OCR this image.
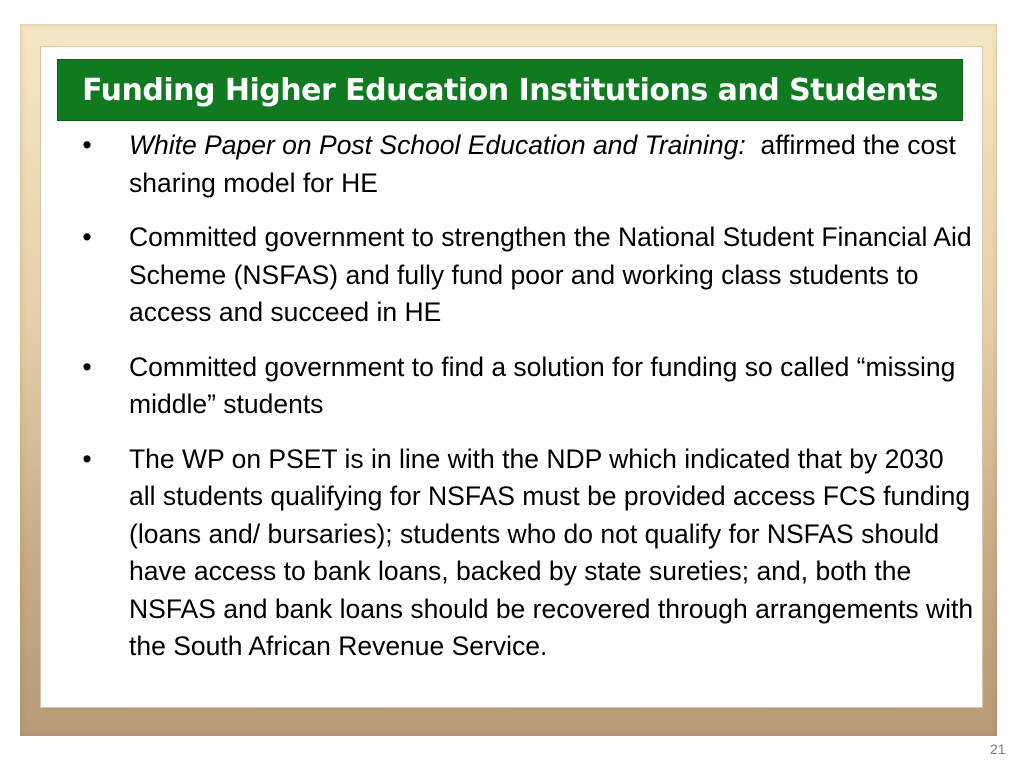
Funding Higher Education Institutions and Students
•	White Paper on Post School Education and Training:  affirmed the cost sharing model for HE
•	Committed government to strengthen the National Student Financial Aid Scheme (NSFAS) and fully fund poor and working class students to access and succeed in HE
•	Committed government to find a solution for funding so called “missing middle” students
•	The WP on PSET is in line with the NDP which indicated that by 2030 all students qualifying for NSFAS must be provided access FCS funding (loans and/ bursaries); students who do not qualify for NSFAS should have access to bank loans, backed by state sureties; and, both the NSFAS and bank loans should be recovered through arrangements with the South African Revenue Service.
21
